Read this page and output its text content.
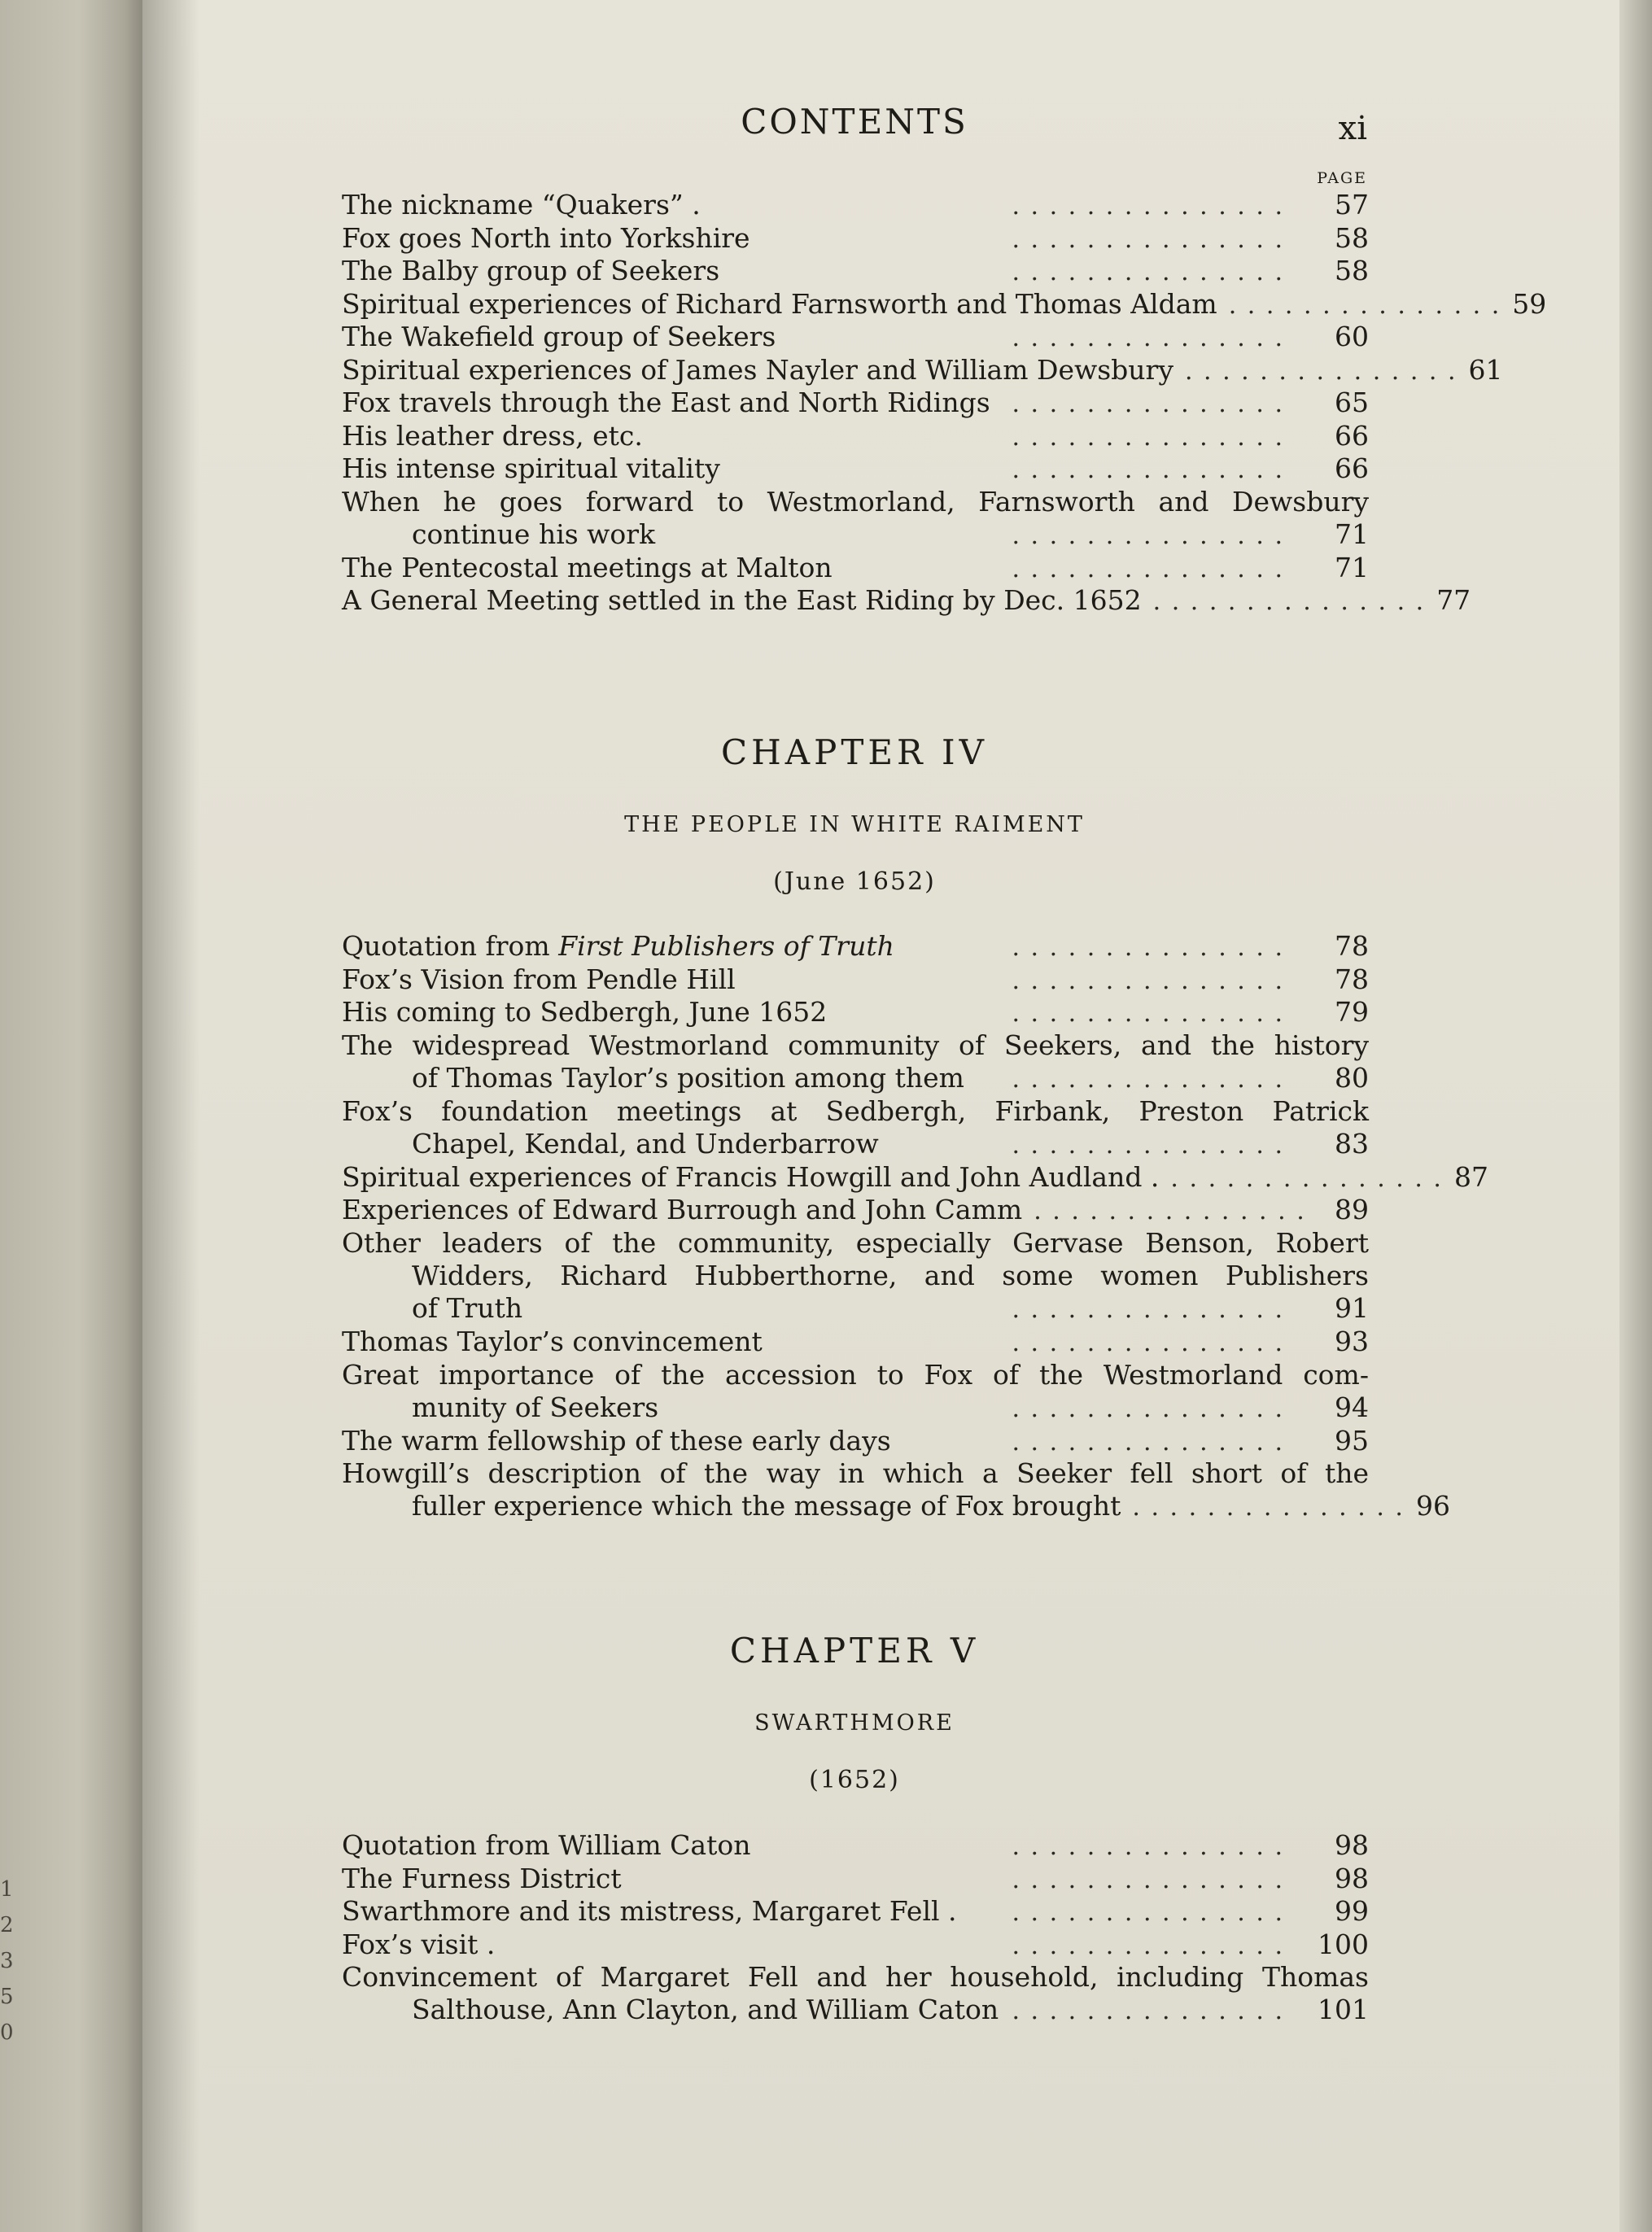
1
2
3
5
0
CONTENTS	xi
PAGE
The nickname “Quakers” .	. . . . . . . . . . . . . . .	57
Fox goes North into Yorkshire	. . . . . . . . . . . . . . .	58
The Balby group of Seekers	. . . . . . . . . . . . . . .	58
Spiritual experiences of Richard Farnsworth and Thomas Aldam . . . . . . . . . . . . . . . 59
The Wakefield group of Seekers	. . . . . . . . . . . . . . .	60
Spiritual experiences of James Nayler and William Dewsbury . . . . . . . . . . . . . . . 61
Fox travels through the East and North Ridings . . . . . . . . . . . . . . .	65
His leather dress, etc.	. . . . . . . . . . . . . . .	66
His intense spiritual vitality	. . . . . . . . . . . . . . .	66
When he goes forward to Westmorland, Farnsworth and Dewsbury
continue his work	. . . . . . . . . . . . . . .	71
The Pentecostal meetings at Malton	. . . . . . . . . . . . . . .	71
A General Meeting settled in the East Riding by Dec. 1652 . . . . . . . . . . . . . . . 77
CHAPTER IV
THE PEOPLE IN WHITE RAIMENT
(June 1652)
Quotation from First Publishers of Truth	. . . . . . . . . . . . . . .	78
Fox’s Vision from Pendle Hill	. . . . . . . . . . . . . . .	78
His coming to Sedbergh, June 1652	. . . . . . . . . . . . . . .	79
The widespread Westmorland community of Seekers, and the history
of Thomas Taylor’s position among them	. . . . . . . . . . . . . . .	80
Fox’s foundation meetings at Sedbergh, Firbank, Preston Patrick
Chapel, Kendal, and Underbarrow	. . . . . . . . . . . . . . .	83
Spiritual experiences of Francis Howgill and John Audland . . . . . . . . . . . . . . . . 87
Experiences of Edward Burrough and John Camm . . . . . . . . . . . . . . .	89
Other leaders of the community, especially Gervase Benson, Robert
Widders, Richard Hubberthorne, and some women Publishers
of Truth	. . . . . . . . . . . . . . .	91
Thomas Taylor’s convincement	. . . . . . . . . . . . . . .	93
Great importance of the accession to Fox of the Westmorland com-
munity of Seekers	. . . . . . . . . . . . . . .	94
The warm fellowship of these early days	. . . . . . . . . . . . . . .	95
Howgill’s description of the way in which a Seeker fell short of the
fuller experience which the message of Fox brought . . . . . . . . . . . . . . . 96
CHAPTER V
SWARTHMORE
(1652)
Quotation from William Caton	. . . . . . . . . . . . . . .	98
The Furness District	. . . . . . . . . . . . . . .	98
Swarthmore and its mistress, Margaret Fell .	. . . . . . . . . . . . . . .	99
Fox’s visit .	. . . . . . . . . . . . . . .	100
Convincement of Margaret Fell and her household, including Thomas
Salthouse, Ann Clayton, and William Caton . . . . . . . . . . . . . . .	101
